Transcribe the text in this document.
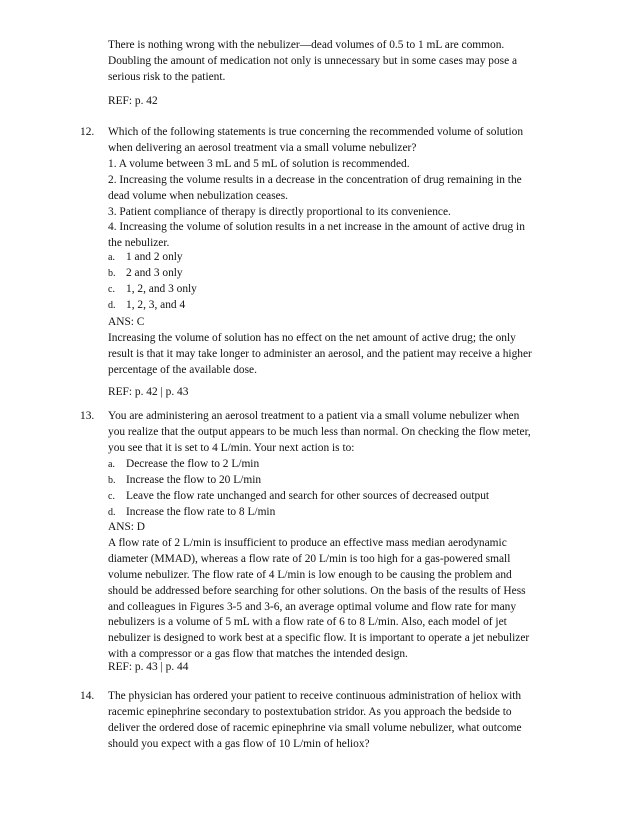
There is nothing wrong with the nebulizer—dead volumes of 0.5 to 1 mL are common.
Doubling the amount of medication not only is unnecessary but in some cases may pose a
serious risk to the patient.
REF: p. 42
12. Which of the following statements is true concerning the recommended volume of solution
when delivering an aerosol treatment via a small volume nebulizer?
1. A volume between 3 mL and 5 mL of solution is recommended.
2. Increasing the volume results in a decrease in the concentration of drug remaining in the
dead volume when nebulization ceases.
3. Patient compliance of therapy is directly proportional to its convenience.
4. Increasing the volume of solution results in a net increase in the amount of active drug in
the nebulizer.
a. 1 and 2 only
b. 2 and 3 only
c. 1, 2, and 3 only
d. 1, 2, 3, and 4
ANS: C
Increasing the volume of solution has no effect on the net amount of active drug; the only
result is that it may take longer to administer an aerosol, and the patient may receive a higher
percentage of the available dose.
REF: p. 42 | p. 43
13. You are administering an aerosol treatment to a patient via a small volume nebulizer when
you realize that the output appears to be much less than normal. On checking the flow meter,
you see that it is set to 4 L/min. Your next action is to:
a. Decrease the flow to 2 L/min
b. Increase the flow to 20 L/min
c. Leave the flow rate unchanged and search for other sources of decreased output
d. Increase the flow rate to 8 L/min
ANS: D
A flow rate of 2 L/min is insufficient to produce an effective mass median aerodynamic
diameter (MMAD), whereas a flow rate of 20 L/min is too high for a gas-powered small
volume nebulizer. The flow rate of 4 L/min is low enough to be causing the problem and
should be addressed before searching for other solutions. On the basis of the results of Hess
and colleagues in Figures 3-5 and 3-6, an average optimal volume and flow rate for many
nebulizers is a volume of 5 mL with a flow rate of 6 to 8 L/min. Also, each model of jet
nebulizer is designed to work best at a specific flow. It is important to operate a jet nebulizer
with a compressor or a gas flow that matches the intended design.
REF: p. 43 | p. 44
14. The physician has ordered your patient to receive continuous administration of heliox with
racemic epinephrine secondary to postextubation stridor. As you approach the bedside to
deliver the ordered dose of racemic epinephrine via small volume nebulizer, what outcome
should you expect with a gas flow of 10 L/min of heliox?
